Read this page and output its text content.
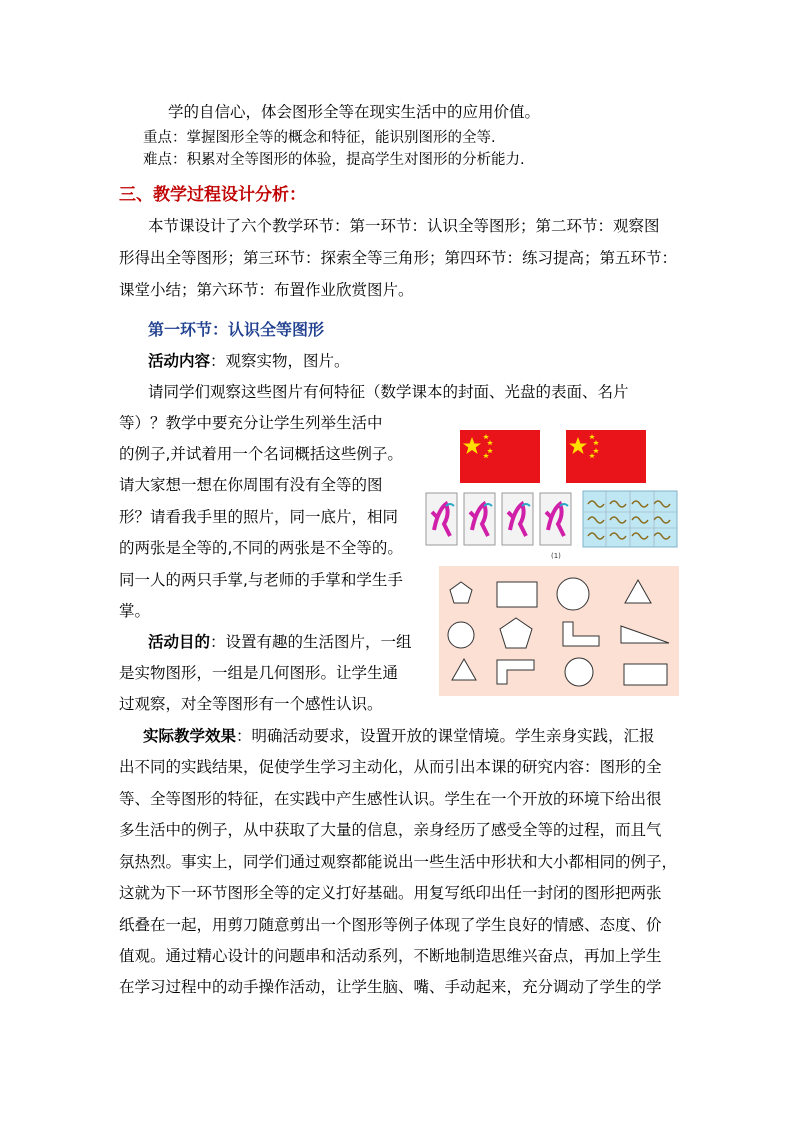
学的自信心，体会图形全等在现实生活中的应用价值。
重点：掌握图形全等的概念和特征，能识别图形的全等.
难点：积累对全等图形的体验，提高学生对图形的分析能力.
三、教学过程设计分析：
本节课设计了六个教学环节：第一环节：认识全等图形；第二环节：观察图
形得出全等图形；第三环节：探索全等三角形；第四环节：练习提高；第五环节：
课堂小结；第六环节：布置作业欣赏图片。
第一环节：认识全等图形
活动内容：观察实物，图片。
请同学们观察这些图片有何特征（数学课本的封面、光盘的表面、名片
等）？教学中要充分让学生列举生活中
的例子,并试着用一个名词概括这些例子。
请大家想一想在你周围有没有全等的图
形？请看我手里的照片，同一底片，相同
的两张是全等的,不同的两张是不全等的。
同一人的两只手掌,与老师的手掌和学生手
掌。
活动目的：设置有趣的生活图片，一组
是实物图形，一组是几何图形。让学生通
过观察，对全等图形有一个感性认识。
实际教学效果：明确活动要求，设置开放的课堂情境。学生亲身实践，汇报
出不同的实践结果，促使学生学习主动化，从而引出本课的研究内容：图形的全
等、全等图形的特征，在实践中产生感性认识。学生在一个开放的环境下给出很
多生活中的例子，从中获取了大量的信息，亲身经历了感受全等的过程，而且气
氛热烈。事实上，同学们通过观察都能说出一些生活中形状和大小都相同的例子，
这就为下一环节图形全等的定义打好基础。用复写纸印出任一封闭的图形把两张
纸叠在一起，用剪刀随意剪出一个图形等例子体现了学生良好的情感、态度、价
值观。通过精心设计的问题串和活动系列，不断地制造思维兴奋点，再加上学生
在学习过程中的动手操作活动，让学生脑、嘴、手动起来，充分调动了学生的学
(1)
